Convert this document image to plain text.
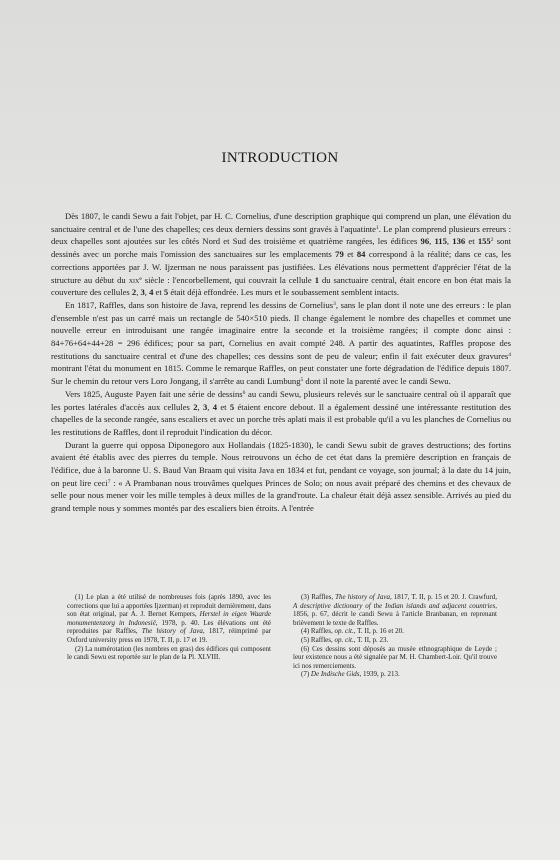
INTRODUCTION

Dès 1807, le candi Sewu a fait l'objet, par H. C. Cornelius, d'une description graphique qui comprend un plan, une élévation du sanctuaire central et de l'une des chapelles; ces deux derniers dessins sont gravés à l'aquatinte$^1$. Le plan comprend plusieurs erreurs : deux chapelles sont ajoutées sur les côtés Nord et Sud des troisième et quatrième rangées, les édifices 96, 115, 136 et $155^2$ sont dessinés avec un porche mais l'omission des sanctuaires sur les emplacements 79 et 84 correspond à la réalité; dans ce cas, les corrections apportées par J. W. Ijzerman ne nous paraissent pas justifiées. Les élévations nous permettent d'apprécier l'état de la structure au début du xix$^e$ siècle : l'encorbellement, qui couvrait la cellule 1 du sanctuaire central, était encore en bon état mais la couverture des cellules 2, 3, 4 et 5 était déjà effondrée. Les murs et le soubassement semblent intacts.

En 1817, Raffles, dans son histoire de Java, reprend les dessins de Cornelius$^3$, sans le plan dont il note une des erreurs : le plan d'ensemble n'est pas un carré mais un rectangle de 540×510 pieds. Il change également le nombre des chapelles et commet une nouvelle erreur en introduisant une rangée imaginaire entre la seconde et la troisième rangées; il compte donc ainsi : 84+76+64+44+28 = 296 édifices; pour sa part, Cornelius en avait compté 248. A partir des aquatintes, Raffles propose des restitutions du sanctuaire central et d'une des chapelles; ces dessins sont de peu de valeur; enfin il fait exécuter deux gravures$^4$ montrant l'état du monument en 1815. Comme le remarque Raffles, on peut constater une forte dégradation de l'édifice depuis 1807. Sur le chemin du retour vers Loro Jongang, il s'arrête au candi Lumbung$^5$ dont il note la parenté avec le candi Sewu.

Vers 1825, Auguste Payen fait une série de dessins$^6$ au candi Sewu, plusieurs relevés sur le sanctuaire central où il apparaît que les portes latérales d'accès aux cellules 2, 3, 4 et 5 étaient encore debout. Il a également dessiné une intéressante restitution des chapelles de la seconde rangée, sans escaliers et avec un porche très aplati mais il est probable qu'il a vu les planches de Cornelius ou les restitutions de Raffles, dont il reproduit l'indication du décor.

Durant la guerre qui opposa Diponegoro aux Hollandais (1825-1830), le candi Sewu subit de graves destructions; des fortins avaient été établis avec des pierres du temple. Nous retrouvons un écho de cet état dans la première description en français de l'édifice, due à la baronne U. S. Baud Van Braam qui visita Java en 1834 et fut, pendant ce voyage, son journal; à la date du 14 juin, on peut lire ceci$^7$ : « A Prambanan nous trouvâmes quelques Princes de Solo; on nous avait préparé des chemins et des chevaux de selle pour nous mener voir les mille temples à deux milles de la grand'route. La chaleur était déjà assez sensible. Arrivés au pied du grand temple nous y sommes montés par des escaliers bien étroits. A l'entrée

(1) Le plan a été utilisé de nombreuses fois (après 1890, avec les corrections que lui a apportées Ijzerman) et reproduit dernièrement, dans son état original, par A. J. Bernet Kempers, Herstel in eigen Waarde monumentenzorg in Indonesië, 1978, p. 40. Les élévations ont été reproduites par Raffles, The history of Java, 1817, réimprimé par Oxford university press en 1978, T. II, p. 17 et 19.

(2) La numérotation (les nombres en gras) des édifices qui composent le candi Sewu est reportée sur le plan de la Pl. XLVIII.

(3) Raffles, The history of Java, 1817, T. II, p. 15 et 20. J. Crawfurd, A descriptive dictionary of the Indian islands and adjacent countries, 1856, p. 67, décrit le candi Sewu à l'article Branbanan, en reprenant brièvement le texte de Raffles.

(4) Raffles, op. cit., T. II, p. 16 et 20.

(5) Raffles, op. cit., T. II, p. 23.

(6) Ces dessins sont déposés au musée ethnographique de Leyde ; leur existence nous a été signalée par M. H. Chambert-Loir. Qu'il trouve ici nos remerciements.

(7) De Indische Gids, 1939, p. 213.
